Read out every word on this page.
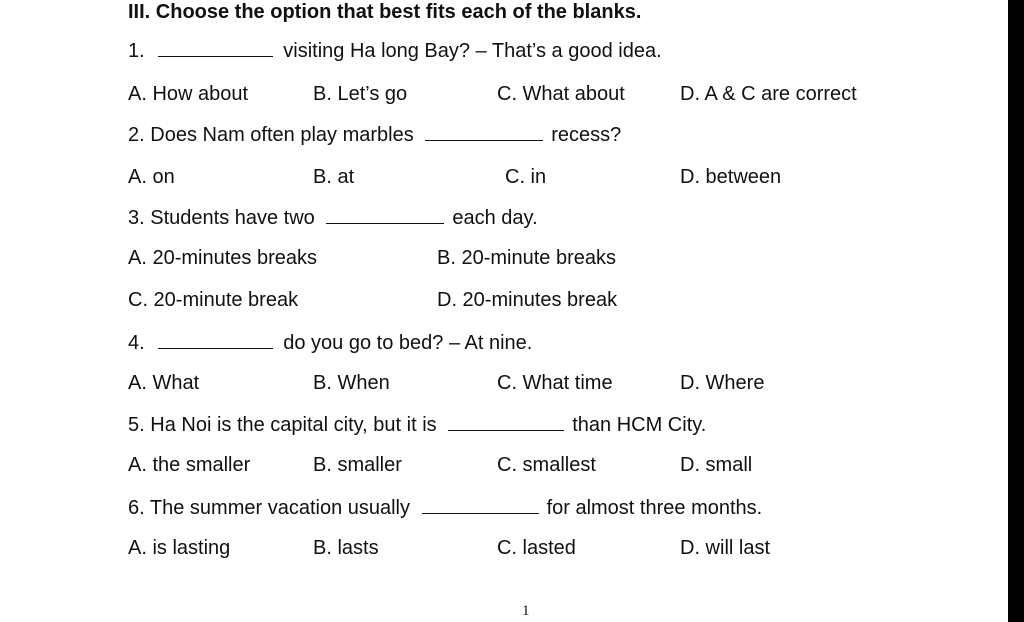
III. Choose the option that best fits each of the blanks.
1.	visiting Ha long Bay? – That’s a good idea.
A. How about	B. Let’s go	C. What about	D. A & C are correct
2. Does Nam often play marbles	recess?
A. on	B. at	C. in	D. between
3. Students have two	each day.
A. 20-minutes breaks	B. 20-minute breaks
C. 20-minute break	D. 20-minutes break
4.	do you go to bed? – At nine.
A. What	B. When	C. What time	D. Where
5. Ha Noi is the capital city, but it is	than HCM City.
A. the smaller	B. smaller	C. smallest	D. small
6. The summer vacation usually	for almost three months.
A. is lasting	B. lasts	C. lasted	D. will last
1
